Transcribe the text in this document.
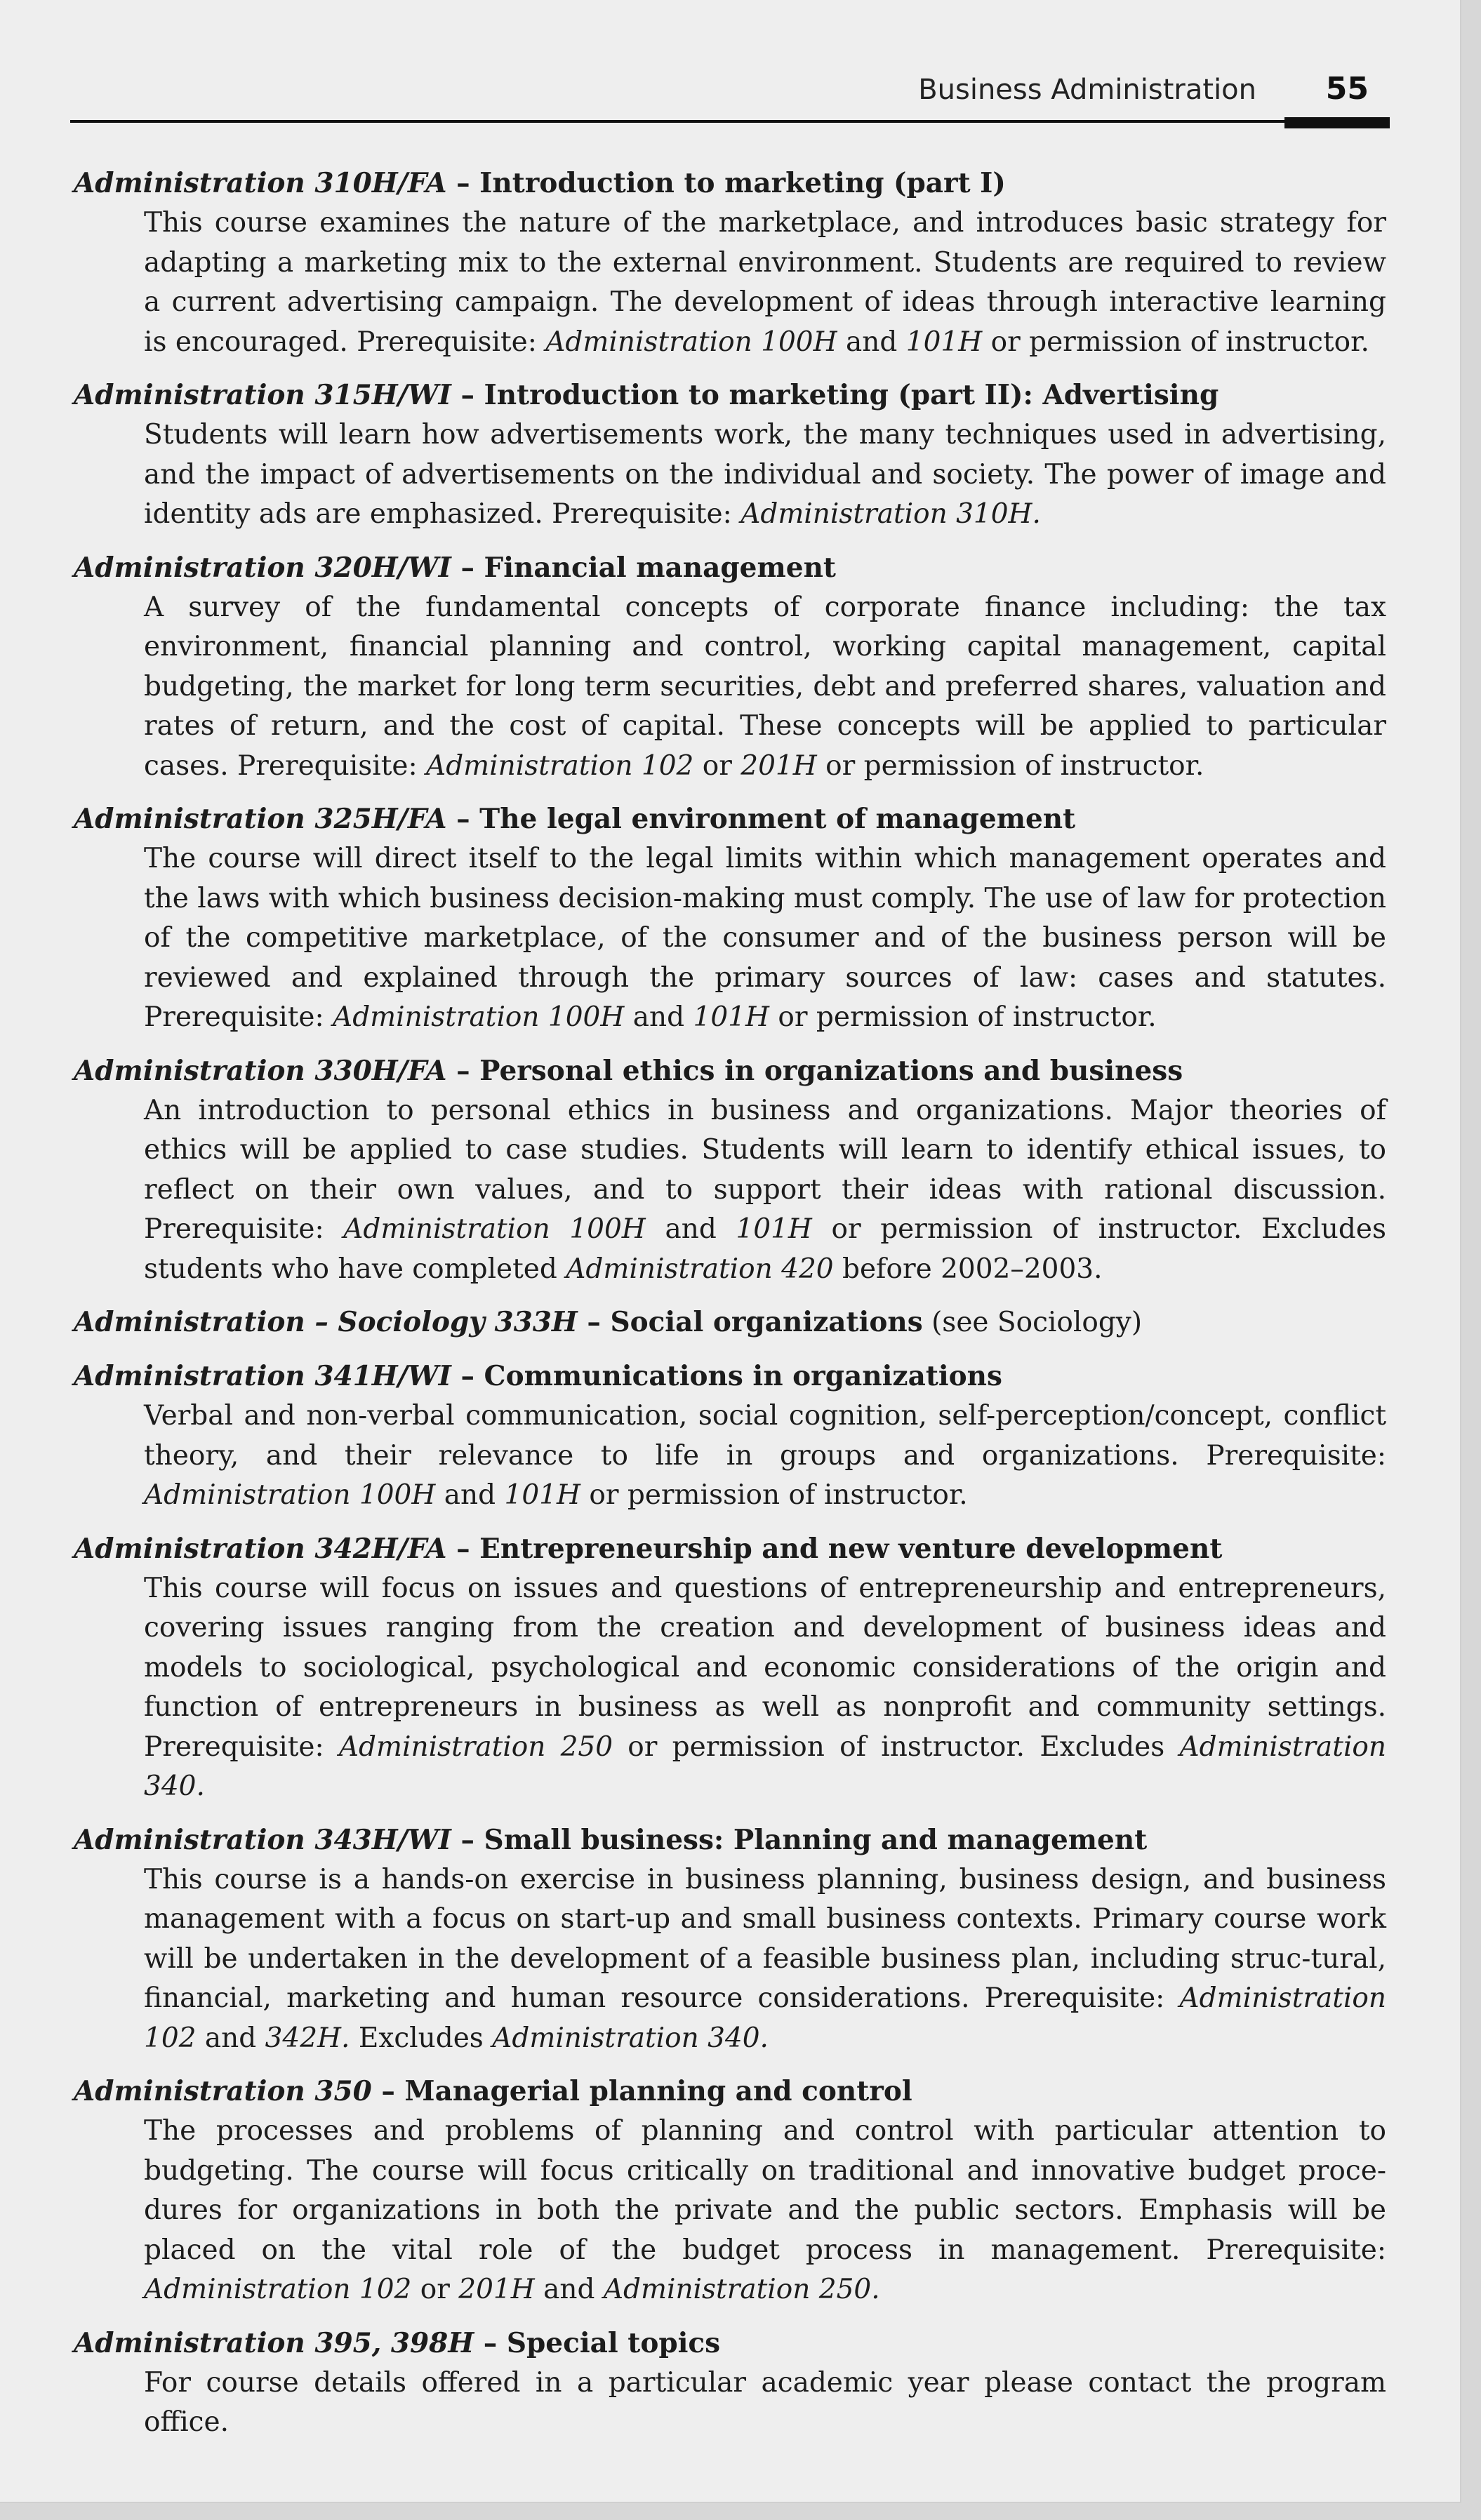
Business Administration 55
Administration 310H/FA – Introduction to marketing (part I)
This course examines the nature of the marketplace, and introduces basic strategy for adapting a marketing mix to the external environment. Students are required to review a current advertising campaign. The development of ideas through interactive learning is encouraged. Prerequisite: Administration 100H and 101H or permission of instructor.
Administration 315H/WI – Introduction to marketing (part II): Advertising
Students will learn how advertisements work, the many techniques used in advertising, and the impact of advertisements on the individual and society. The power of image and identity ads are emphasized. Prerequisite: Administration 310H.
Administration 320H/WI – Financial management
A survey of the fundamental concepts of corporate finance including: the tax environment, financial planning and control, working capital management, capital budgeting, the market for long term securities, debt and preferred shares, valuation and rates of return, and the cost of capital. These concepts will be applied to particular cases. Prerequisite: Administration 102 or 201H or permission of instructor.
Administration 325H/FA – The legal environment of management
The course will direct itself to the legal limits within which management operates and the laws with which business decision-making must comply. The use of law for protection of the competitive marketplace, of the consumer and of the business person will be reviewed and explained through the primary sources of law: cases and statutes. Prerequisite: Administration 100H and 101H or permission of instructor.
Administration 330H/FA – Personal ethics in organizations and business
An introduction to personal ethics in business and organizations. Major theories of ethics will be applied to case studies. Students will learn to identify ethical issues, to reflect on their own values, and to support their ideas with rational discussion. Prerequisite: Administration 100H and 101H or permission of instructor. Excludes students who have completed Administration 420 before 2002–2003.
Administration – Sociology 333H – Social organizations (see Sociology)
Administration 341H/WI – Communications in organizations
Verbal and non-verbal communication, social cognition, self-perception/concept, conflict theory, and their relevance to life in groups and organizations. Prerequisite: Administration 100H and 101H or permission of instructor.
Administration 342H/FA – Entrepreneurship and new venture development
This course will focus on issues and questions of entrepreneurship and entrepreneurs, covering issues ranging from the creation and development of business ideas and models to sociological, psychological and economic considerations of the origin and function of entrepreneurs in business as well as nonprofit and community settings. Prerequisite: Administration 250 or permission of instructor. Excludes Administration 340.
Administration 343H/WI – Small business: Planning and management
This course is a hands-on exercise in business planning, business design, and business management with a focus on start-up and small business contexts. Primary course work will be undertaken in the development of a feasible business plan, including struc-tural, financial, marketing and human resource considerations. Prerequisite: Administration 102 and 342H. Excludes Administration 340.
Administration 350 – Managerial planning and control
The processes and problems of planning and control with particular attention to budgeting. The course will focus critically on traditional and innovative budget proce-dures for organizations in both the private and the public sectors. Emphasis will be placed on the vital role of the budget process in management. Prerequisite: Administration 102 or 201H and Administration 250.
Administration 395, 398H – Special topics
For course details offered in a particular academic year please contact the program office.
